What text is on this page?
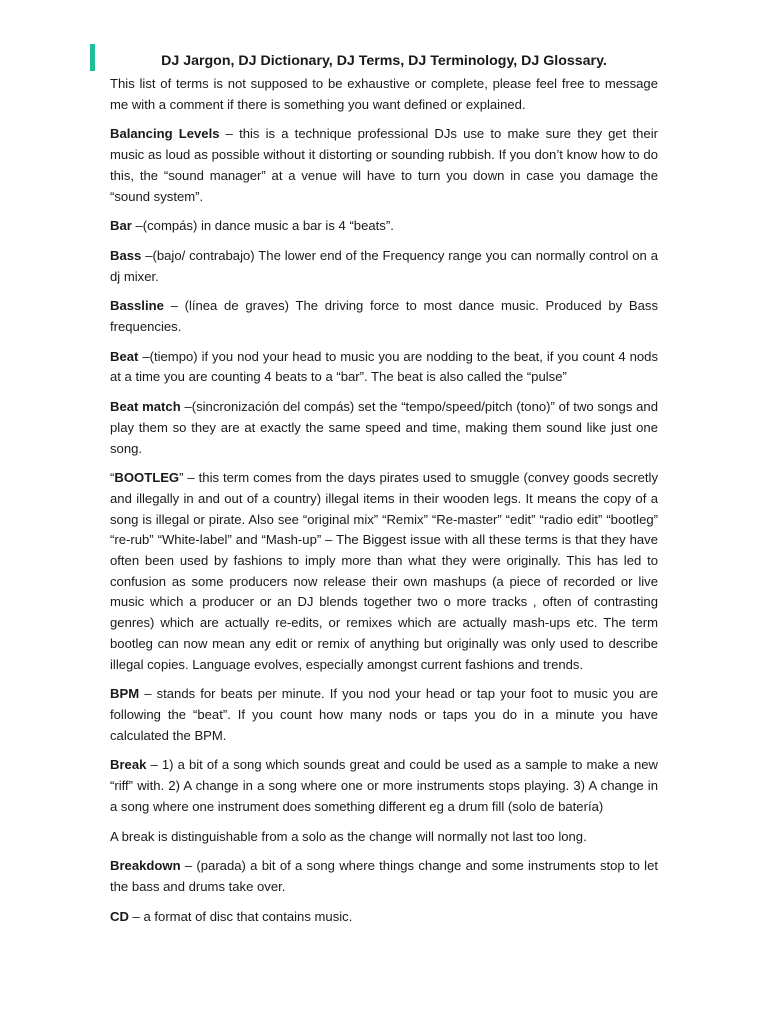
DJ Jargon, DJ Dictionary, DJ Terms, DJ Terminology, DJ Glossary.

This list of terms is not supposed to be exhaustive or complete, please feel free to message me with a comment if there is something you want defined or explained.

Balancing Levels – this is a technique professional DJs use to make sure they get their music as loud as possible without it distorting or sounding rubbish. If you don’t know how to do this, the “sound manager” at a venue will have to turn you down in case you damage the “sound system”.

Bar –(compás) in dance music a bar is 4 “beats”.

Bass –(bajo/ contrabajo) The lower end of the Frequency range you can normally control on a dj mixer.

Bassline – (línea de graves) The driving force to most dance music. Produced by Bass frequencies.

Beat –(tiempo) if you nod your head to music you are nodding to the beat, if you count 4 nods at a time you are counting 4 beats to a “bar”. The beat is also called the “pulse”

Beat match –(sincronización del compás) set the “tempo/speed/pitch (tono)” of two songs and play them so they are at exactly the same speed and time, making them sound like just one song.

“BOOTLEG” – this term comes from the days pirates used to smuggle (convey goods secretly and illegally in and out of a country) illegal items in their wooden legs. It means the copy of a song is illegal or pirate. Also see “original mix” “Remix” “Re-master” “edit” “radio edit” “bootleg” “re-rub” “White-label” and “Mash-up” – The Biggest issue with all these terms is that they have often been used by fashions to imply more than what they were originally. This has led to confusion as some producers now release their own mashups (a piece of recorded or live music which a producer or an DJ blends together two o more tracks , often of contrasting genres) which are actually re-edits, or remixes which are actually mash-ups etc. The term bootleg can now mean any edit or remix of anything but originally was only used to describe illegal copies. Language evolves, especially amongst current fashions and trends.

BPM – stands for beats per minute. If you nod your head or tap your foot to music you are following the “beat”. If you count how many nods or taps you do in a minute you have calculated the BPM.

Break – 1) a bit of a song which sounds great and could be used as a sample to make a new “riff” with. 2) A change in a song where one or more instruments stops playing. 3) A change in a song where one instrument does something different eg a drum fill (solo de batería)

A break is distinguishable from a solo as the change will normally not last too long.

Breakdown – (parada) a bit of a song where things change and some instruments stop to let the bass and drums take over.

CD – a format of disc that contains music.
